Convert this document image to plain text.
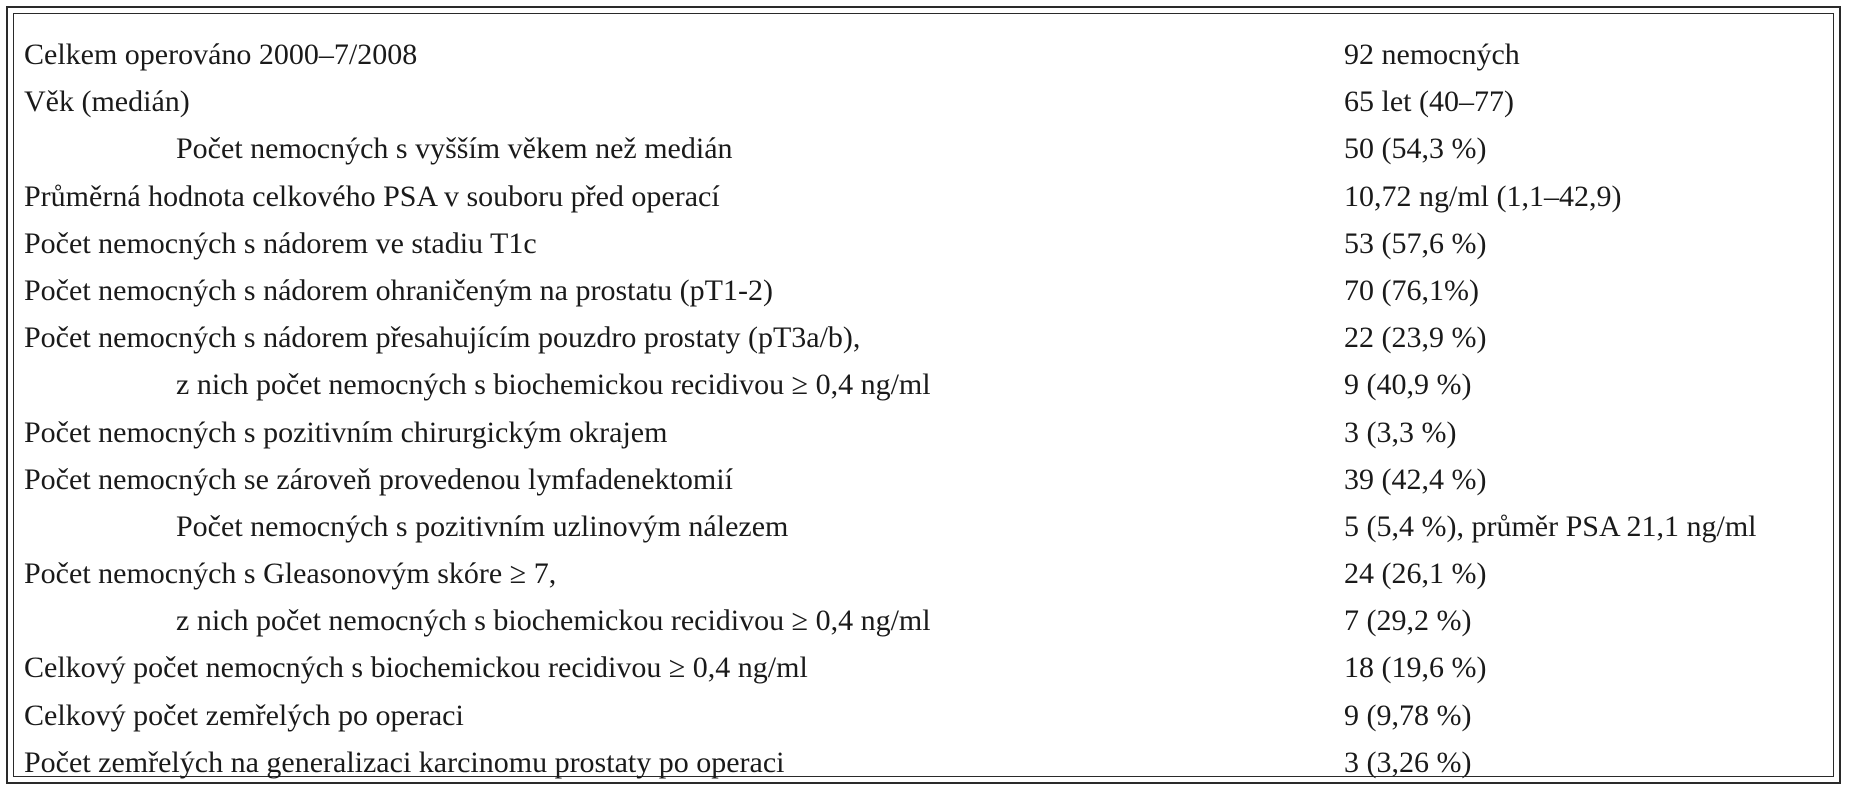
Celkem operováno 2000–7/2008	92 nemocných
Věk (medián)	65 let (40–77)
Počet nemocných s vyšším věkem než medián	50 (54,3 %)
Průměrná hodnota celkového PSA v souboru před operací	10,72 ng/ml (1,1–42,9)
Počet nemocných s nádorem ve stadiu T1c	53 (57,6 %)
Počet nemocných s nádorem ohraničeným na prostatu (pT1-2)	70 (76,1%)
Počet nemocných s nádorem přesahujícím pouzdro prostaty (pT3a/b),	22 (23,9 %)
z nich počet nemocných s biochemickou recidivou ≥ 0,4 ng/ml	9 (40,9 %)
Počet nemocných s pozitivním chirurgickým okrajem	3 (3,3 %)
Počet nemocných se zároveň provedenou lymfadenektomií	39 (42,4 %)
Počet nemocných s pozitivním uzlinovým nálezem	5 (5,4 %), průměr PSA 21,1 ng/ml
Počet nemocných s Gleasonovým skóre ≥ 7,	24 (26,1 %)
z nich počet nemocných s biochemickou recidivou ≥ 0,4 ng/ml	7 (29,2 %)
Celkový počet nemocných s biochemickou recidivou ≥ 0,4 ng/ml	18 (19,6 %)
Celkový počet zemřelých po operaci	9 (9,78 %)
Počet zemřelých na generalizaci karcinomu prostaty po operaci	3 (3,26 %)
